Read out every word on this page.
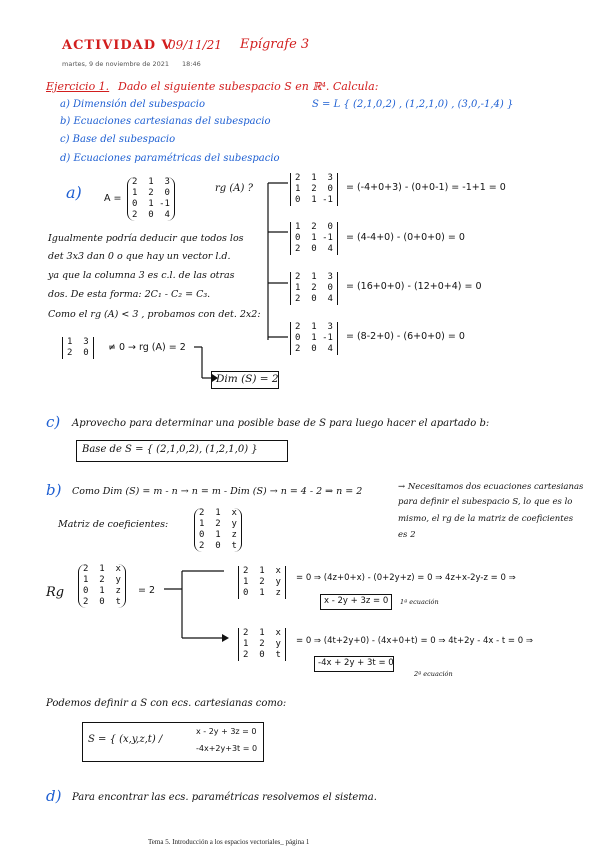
ACTIVIDAD V
09/11/21 Epígrafe 3
martes, 9 de noviembre de 2021 18:46
Ejercicio 1. Dado el siguiente subespacio S en ℝ⁴. Calcula:
a) Dimensión del subespacio
b) Ecuaciones cartesianas del subespacio
c) Base del subespacio
d) Ecuaciones paramétricas del subespacio
S = L { (2,1,0,2) , (1,2,1,0) , (3,0,-1,4) }
a) A =
2  1  3
1  2  0
0  1 -1
2  0  4
rg (A) ?
2  1  3
1  2  0
0  1 -1
= (-4+0+3) - (0+0-1) = -1+1 = 0
1  2  0
0  1 -1
2  0  4
= (4-4+0) - (0+0+0) = 0
2  1  3
1  2  0
2  0  4
= (16+0+0) - (12+0+4) = 0
2  1  3
0  1 -1
2  0  4
= (8-2+0) - (6+0+0) = 0
Igualmente podría deducir que todos los
det 3x3 dan 0 o que hay un vector l.d.
ya que la columna 3 es c.l. de las otras
dos. De esta forma: 2C₁ - C₂ = C₃.
Como el rg (A) < 3 , probamos con det. 2x2:
1  3
2  0 ≠ 0 → rg (A) = 2
Dim (S) = 2
c) Aprovecho para determinar una posible base de S para luego hacer el apartado b:
Base de S = { (2,1,0,2), (1,2,1,0) }
b) Como Dim (S) = m - n → n = m - Dim (S) → n = 4 - 2 ⇒ n = 2	→ Necesitamos dos ecuaciones cartesianas
para definir el subespacio S, lo que es lo
mismo, el rg de la matriz de coeficientes
es 2
Matriz de coeficientes:
2  1  x
1  2  y
0  1  z
2  0  t
Rg
2  1  x
1  2  y
0  1  z
2  0  t
= 2
2  1  x
1  2  y
0  1  z
= 0 ⇒ (4z+0+x) - (0+2y+z) = 0 ⇒ 4z+x-2y-z = 0 ⇒
x - 2y + 3z = 0 1ª ecuación
2  1  x
1  2  y
2  0  t
= 0 ⇒ (4t+2y+0) - (4x+0+t) = 0 ⇒ 4t+2y - 4x - t = 0 ⇒
-4x + 2y + 3t = 0
2ª ecuación
Podemos definir a S con ecs. cartesianas como:
S = { (x,y,z,t) /
x - 2y + 3z = 0
-4x+2y+3t = 0
d) Para encontrar las ecs. paramétricas resolvemos el sistema.
Tema 5. Introducción a los espacios vectoriales_ página 1
